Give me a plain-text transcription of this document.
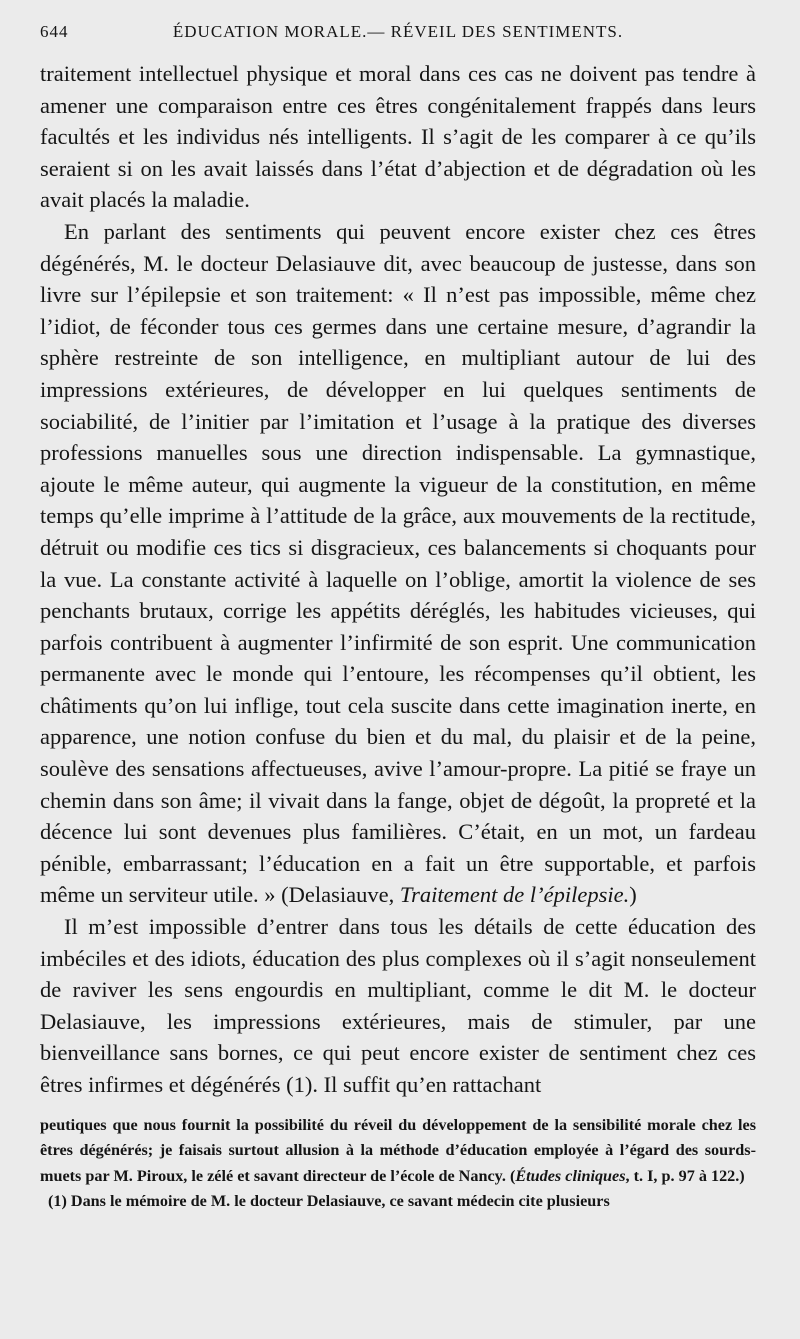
644	ÉDUCATION MORALE.— RÉVEIL DES SENTIMENTS.

traitement intellectuel physique et moral dans ces cas ne doivent pas tendre à amener une comparaison entre ces êtres congénitalement frappés dans leurs facultés et les individus nés intelligents. Il s’agit de les comparer à ce qu’ils seraient si on les avait laissés dans l’état d’abjection et de dégradation où les avait placés la maladie.

En parlant des sentiments qui peuvent encore exister chez ces êtres dégénérés, M. le docteur Delasiauve dit, avec beaucoup de justesse, dans son livre sur l’épilepsie et son traitement: « Il n’est pas impossible, même chez l’idiot, de féconder tous ces germes dans une certaine mesure, d’agrandir la sphère restreinte de son intelligence, en multipliant autour de lui des impressions extérieures, de développer en lui quelques sentiments de sociabilité, de l’initier par l’imitation et l’usage à la pratique des diverses professions manuelles sous une direction indispensable. La gymnastique, ajoute le même auteur, qui augmente la vigueur de la constitution, en même temps qu’elle imprime à l’attitude de la grâce, aux mouvements de la rectitude, détruit ou modifie ces tics si disgracieux, ces balancements si choquants pour la vue. La constante activité à laquelle on l’oblige, amortit la violence de ses penchants brutaux, corrige les appétits déréglés, les habitudes vicieuses, qui parfois contribuent à augmenter l’infirmité de son esprit. Une communication permanente avec le monde qui l’entoure, les récompenses qu’il obtient, les châtiments qu’on lui inflige, tout cela suscite dans cette imagination inerte, en apparence, une notion confuse du bien et du mal, du plaisir et de la peine, soulève des sensations affectueuses, avive l’amour-propre. La pitié se fraye un chemin dans son âme; il vivait dans la fange, objet de dégoût, la propreté et la décence lui sont devenues plus familières. C’était, en un mot, un fardeau pénible, embarrassant; l’éducation en a fait un être supportable, et parfois même un serviteur utile. » (Delasiauve, Traitement de l’épilepsie.)

Il m’est impossible d’entrer dans tous les détails de cette éducation des imbéciles et des idiots, éducation des plus complexes où il s’agit nonseulement de raviver les sens engourdis en multipliant, comme le dit M. le docteur Delasiauve, les impressions extérieures, mais de stimuler, par une bienveillance sans bornes, ce qui peut encore exister de sentiment chez ces êtres infirmes et dégénérés (1). Il suffit qu’en rattachant

peutiques que nous fournit la possibilité du réveil du développement de la sensibilité morale chez les êtres dégénérés; je faisais surtout allusion à la méthode d’éducation employée à l’égard des sourds-muets par M. Piroux, le zélé et savant directeur de l’école de Nancy. (Études cliniques, t. I, p. 97 à 122.)

(1) Dans le mémoire de M. le docteur Delasiauve, ce savant médecin cite plusieurs
